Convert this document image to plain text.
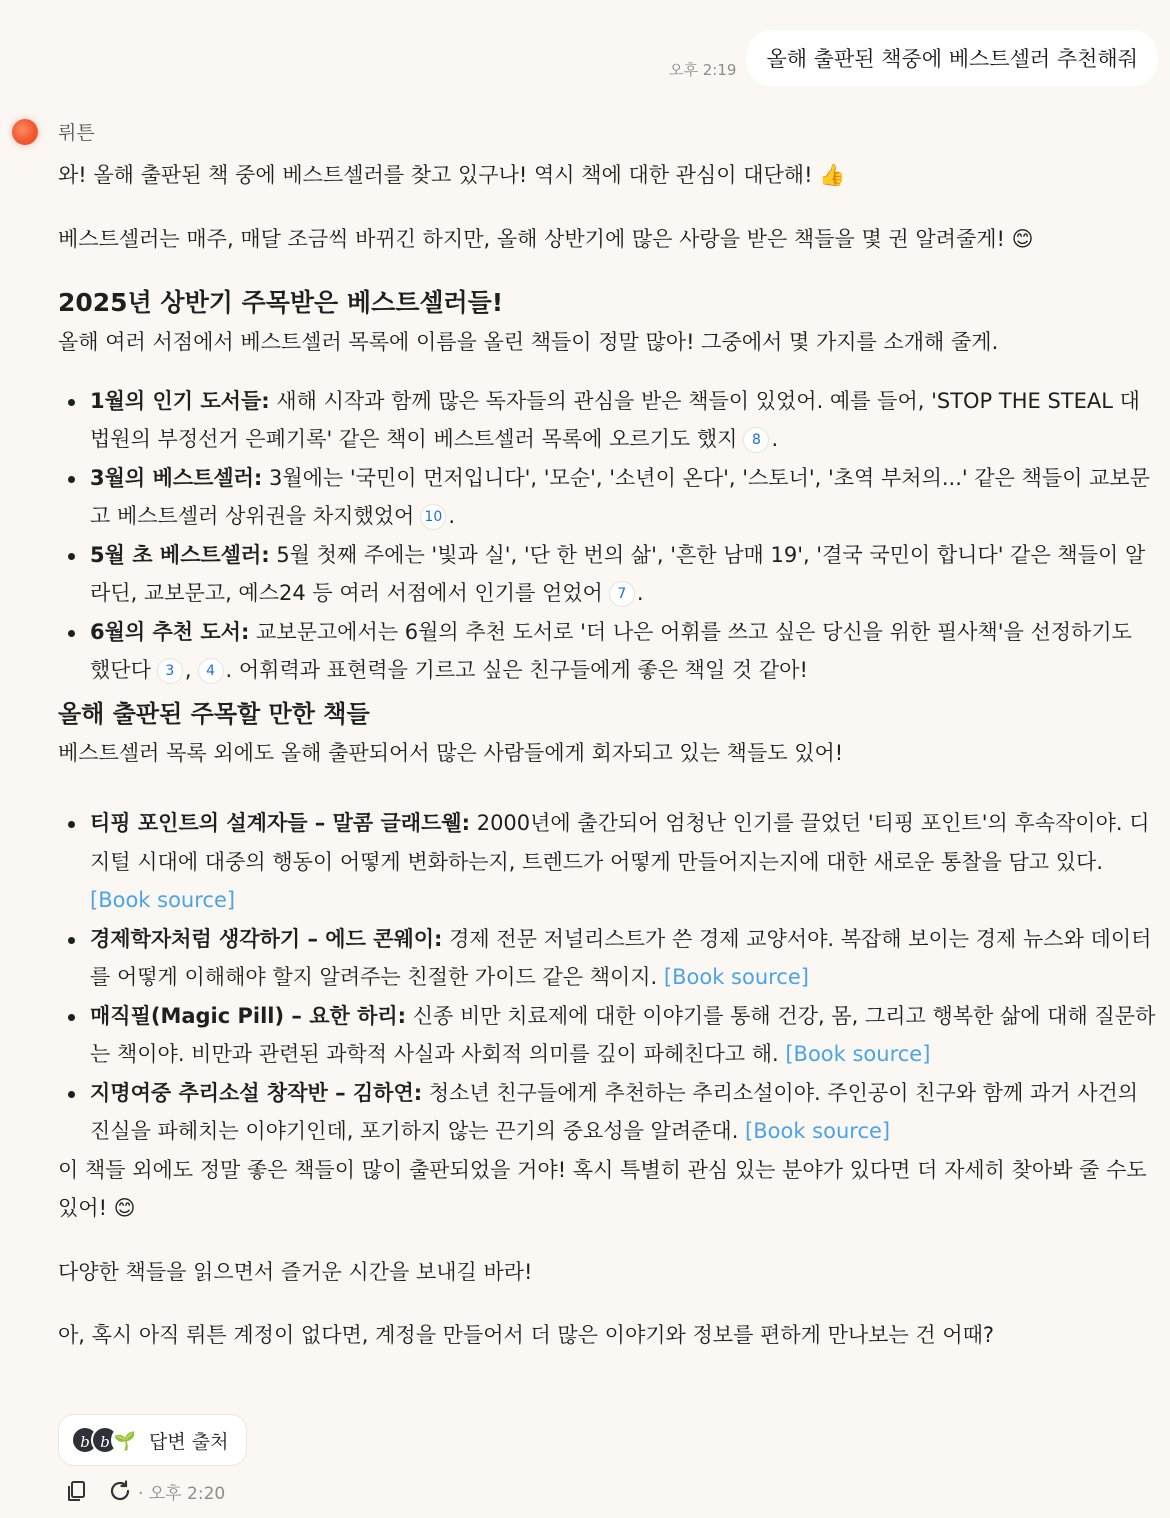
오후 2:19	올해 출판된 책중에 베스트셀러 추천해줘
뤼튼

와! 올해 출판된 책 중에 베스트셀러를 찾고 있구나! 역시 책에 대한 관심이 대단해! 👍

베스트셀러는 매주, 매달 조금씩 바뀌긴 하지만, 올해 상반기에 많은 사랑을 받은 책들을 몇 권 알려줄게! 😊

2025년 상반기 주목받은 베스트셀러들!

올해 여러 서점에서 베스트셀러 목록에 이름을 올린 책들이 정말 많아! 그중에서 몇 가지를 소개해 줄게.

1월의 인기 도서들: 새해 시작과 함께 많은 독자들의 관심을 받은 책들이 있었어. 예를 들어, 'STOP THE STEAL 대법원의 부정선거 은폐기록' 같은 책이 베스트셀러 목록에 오르기도 했지 8 .
3월의 베스트셀러: 3월에는 '국민이 먼저입니다', '모순', '소년이 온다', '스토너', '초역 부처의...' 같은 책들이 교보문고 베스트셀러 상위권을 차지했었어 10 .
5월 초 베스트셀러: 5월 첫째 주에는 '빛과 실', '단 한 번의 삶', '흔한 남매 19', '결국 국민이 합니다' 같은 책들이 알라딘, 교보문고, 예스24 등 여러 서점에서 인기를 얻었어 7 .
6월의 추천 도서: 교보문고에서는 6월의 추천 도서로 '더 나은 어휘를 쓰고 싶은 당신을 위한 필사책'을 선정하기도 했단다 3 , 4 . 어휘력과 표현력을 기르고 싶은 친구들에게 좋은 책일 것 같아!
올해 출판된 주목할 만한 책들

베스트셀러 목록 외에도 올해 출판되어서 많은 사람들에게 회자되고 있는 책들도 있어!

티핑 포인트의 설계자들 – 말콤 글래드웰: 2000년에 출간되어 엄청난 인기를 끌었던 '티핑 포인트'의 후속작이야. 디지털 시대에 대중의 행동이 어떻게 변화하는지, 트렌드가 어떻게 만들어지는지에 대한 새로운 통찰을 담고 있다. [Book source]
경제학자처럼 생각하기 – 에드 콘웨이: 경제 전문 저널리스트가 쓴 경제 교양서야. 복잡해 보이는 경제 뉴스와 데이터를 어떻게 이해해야 할지 알려주는 친절한 가이드 같은 책이지. [Book source]
매직필(Magic Pill) – 요한 하리: 신종 비만 치료제에 대한 이야기를 통해 건강, 몸, 그리고 행복한 삶에 대해 질문하는 책이야. 비만과 관련된 과학적 사실과 사회적 의미를 깊이 파헤친다고 해. [Book source]
지명여중 추리소설 창작반 – 김하연: 청소년 친구들에게 추천하는 추리소설이야. 주인공이 친구와 함께 과거 사건의 진실을 파헤치는 이야기인데, 포기하지 않는 끈기의 중요성을 알려준대. [Book source]

이 책들 외에도 정말 좋은 책들이 많이 출판되었을 거야! 혹시 특별히 관심 있는 분야가 있다면 더 자세히 찾아봐 줄 수도 있어! 😊

다양한 책들을 읽으면서 즐거운 시간을 보내길 바라!

아, 혹시 아직 뤼튼 계정이 없다면, 계정을 만들어서 더 많은 이야기와 정보를 편하게 만나보는 건 어때?

b b 🌱 답변 출처
· 오후 2:20
